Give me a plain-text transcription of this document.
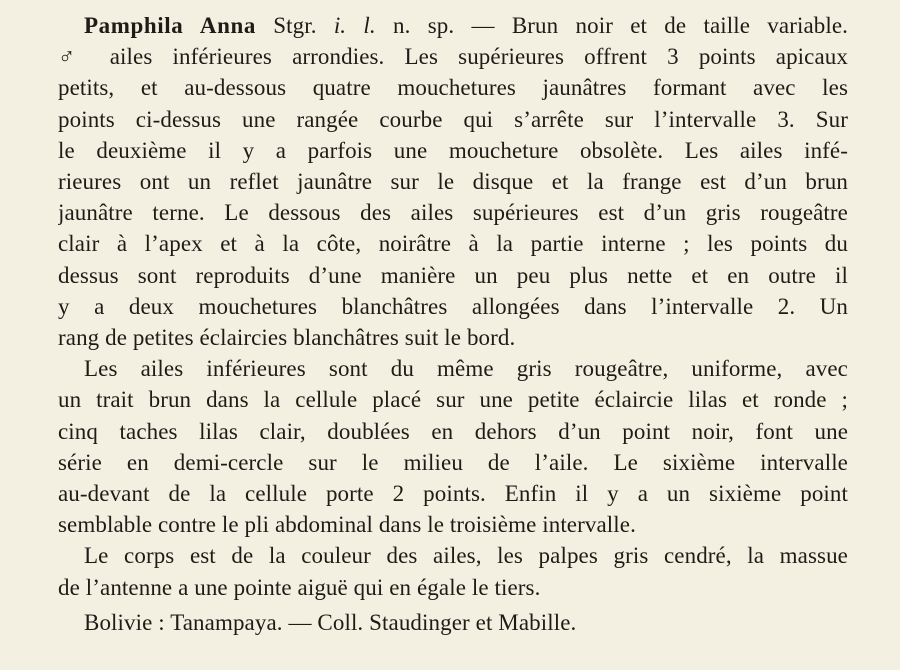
Pamphila Anna Stgr. i. l. n. sp. — Brun noir et de taille variable.
♂ ailes inférieures arrondies. Les supérieures offrent 3 points apicaux
petits, et au-dessous quatre mouchetures jaunâtres formant avec les
points ci-dessus une rangée courbe qui s’arrête sur l’intervalle 3. Sur
le deuxième il y a parfois une moucheture obsolète. Les ailes infé-
rieures ont un reflet jaunâtre sur le disque et la frange est d’un brun
jaunâtre terne. Le dessous des ailes supérieures est d’un gris rougeâtre
clair à l’apex et à la côte, noirâtre à la partie interne ; les points du
dessus sont reproduits d’une manière un peu plus nette et en outre il
y a deux mouchetures blanchâtres allongées dans l’intervalle 2. Un
rang de petites éclaircies blanchâtres suit le bord.
Les ailes inférieures sont du même gris rougeâtre, uniforme, avec
un trait brun dans la cellule placé sur une petite éclaircie lilas et ronde ;
cinq taches lilas clair, doublées en dehors d’un point noir, font une
série en demi-cercle sur le milieu de l’aile. Le sixième intervalle
au-devant de la cellule porte 2 points. Enfin il y a un sixième point
semblable contre le pli abdominal dans le troisième intervalle.
Le corps est de la couleur des ailes, les palpes gris cendré, la massue
de l’antenne a une pointe aiguë qui en égale le tiers.
Bolivie : Tanampaya. — Coll. Staudinger et Mabille.
